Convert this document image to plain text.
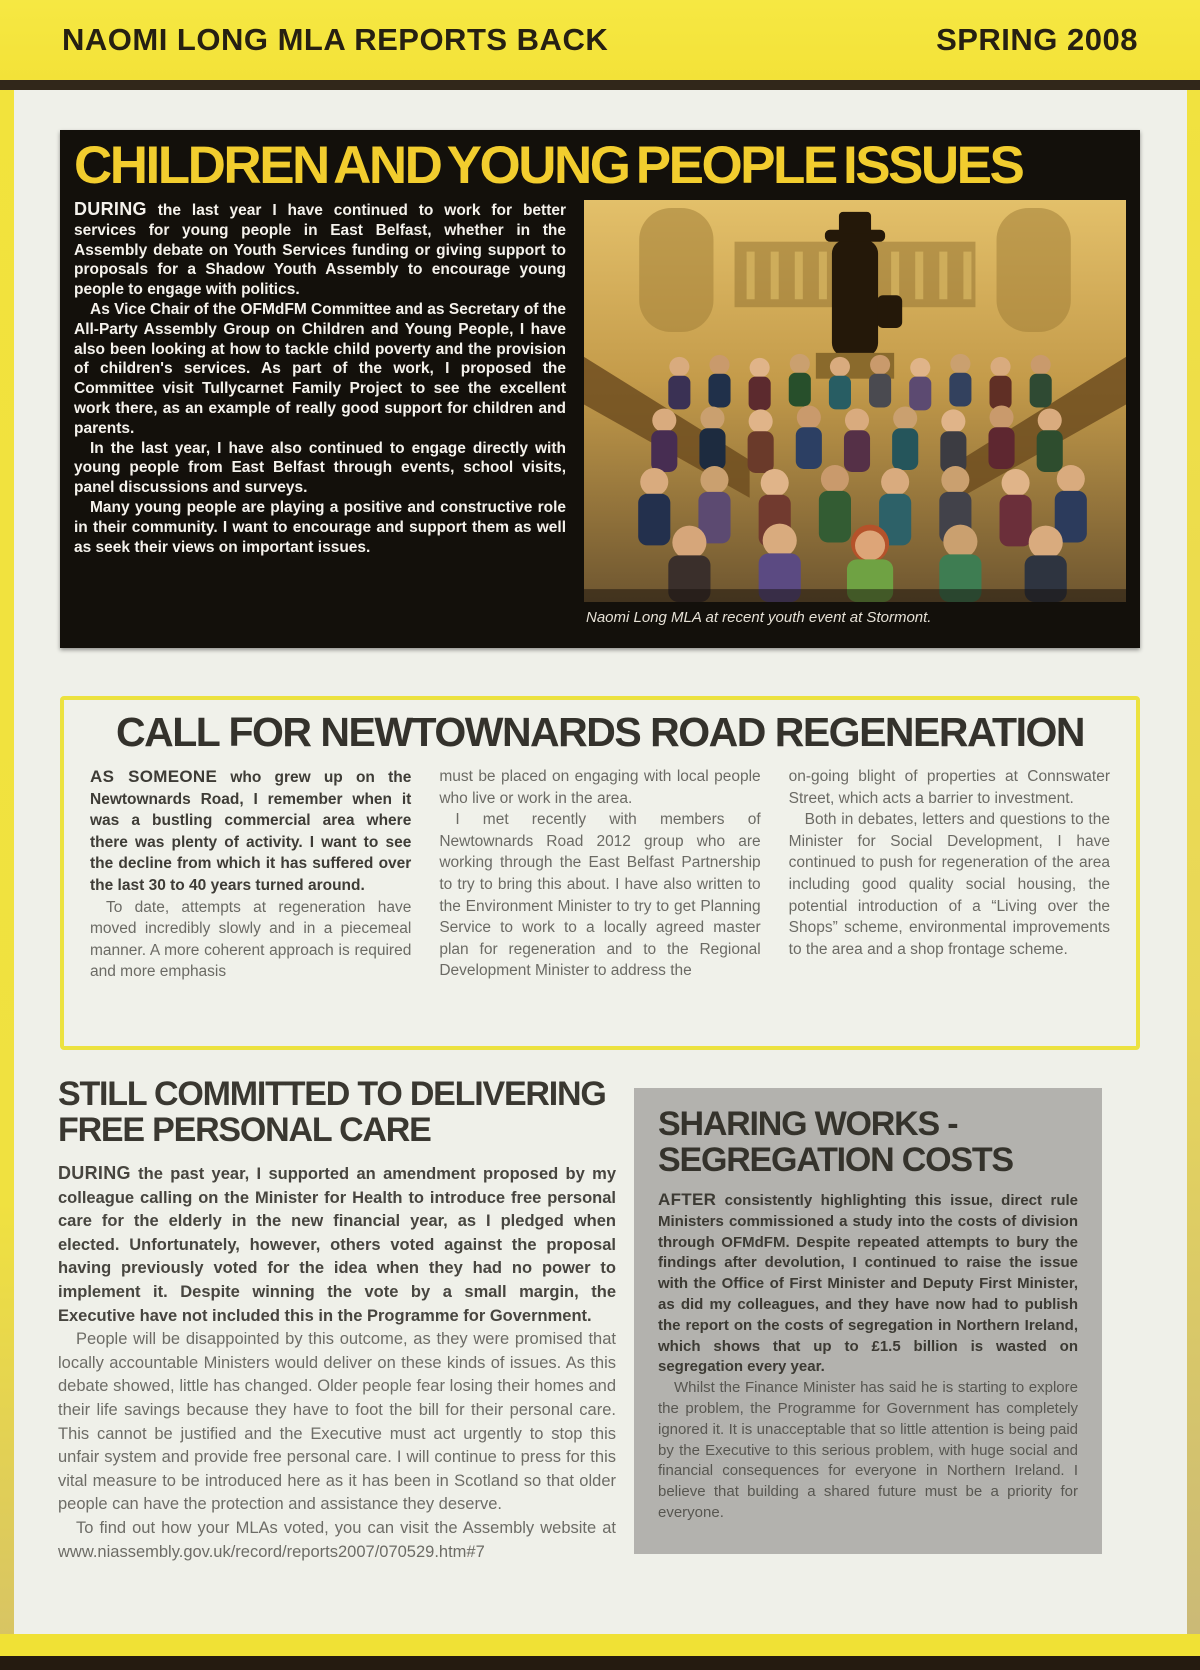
NAOMI LONG MLA REPORTS BACK	SPRING 2008
CHILDREN AND YOUNG PEOPLE ISSUES

DURING the last year I have continued to work for better services for young people in East Belfast, whether in the Assembly debate on Youth Services funding or giving support to proposals for a Shadow Youth Assembly to encourage young people to engage with politics.

As Vice Chair of the OFMdFM Committee and as Secretary of the All-Party Assembly Group on Children and Young People, I have also been looking at how to tackle child poverty and the provision of children's services. As part of the work, I proposed the Committee visit Tullycarnet Family Project to see the excellent work there, as an example of really good support for children and parents.

In the last year, I have also continued to engage directly with young people from East Belfast through events, school visits, panel discussions and surveys.

Many young people are playing a positive and constructive role in their community. I want to encourage and support them as well as seek their views on important issues.

Naomi Long MLA at recent youth event at Stormont.
CALL FOR NEWTOWNARDS ROAD REGENERATION

AS SOMEONE who grew up on the Newtownards Road, I remember when it was a bustling commercial area where there was plenty of activity. I want to see the decline from which it has suffered over the last 30 to 40 years turned around.

To date, attempts at regeneration have moved incredibly slowly and in a piecemeal manner. A more coherent approach is required and more emphasis

must be placed on engaging with local people who live or work in the area.

I met recently with members of Newtownards Road 2012 group who are working through the East Belfast Partnership to try to bring this about. I have also written to the Environment Minister to try to get Planning Service to work to a locally agreed master plan for regeneration and to the Regional Development Minister to address the

on-going blight of properties at Connswater Street, which acts a barrier to investment.

Both in debates, letters and questions to the Minister for Social Development, I have continued to push for regeneration of the area including good quality social housing, the potential introduction of a “Living over the Shops” scheme, environmental improvements to the area and a shop frontage scheme.

STILL COMMITTED TO DELIVERING
FREE PERSONAL CARE

DURING the past year, I supported an amendment proposed by my colleague calling on the Minister for Health to introduce free personal care for the elderly in the new financial year, as I pledged when elected. Unfortunately, however, others voted against the proposal having previously voted for the idea when they had no power to implement it. Despite winning the vote by a small margin, the Executive have not included this in the Programme for Government.

People will be disappointed by this outcome, as they were promised that locally accountable Ministers would deliver on these kinds of issues. As this debate showed, little has changed. Older people fear losing their homes and their life savings because they have to foot the bill for their personal care. This cannot be justified and the Executive must act urgently to stop this unfair system and provide free personal care. I will continue to press for this vital measure to be introduced here as it has been in Scotland so that older people can have the protection and assistance they deserve.

To find out how your MLAs voted, you can visit the Assembly website at www.niassembly.gov.uk/record/reports2007/070529.htm#7

SHARING WORKS -
SEGREGATION COSTS

AFTER consistently highlighting this issue, direct rule Ministers commissioned a study into the costs of division through OFMdFM. Despite repeated attempts to bury the findings after devolution, I continued to raise the issue with the Office of First Minister and Deputy First Minister, as did my colleagues, and they have now had to publish the report on the costs of segregation in Northern Ireland, which shows that up to £1.5 billion is wasted on segregation every year.

Whilst the Finance Minister has said he is starting to explore the problem, the Programme for Government has completely ignored it. It is unacceptable that so little attention is being paid by the Executive to this serious problem, with huge social and financial consequences for everyone in Northern Ireland. I believe that building a shared future must be a priority for everyone.
